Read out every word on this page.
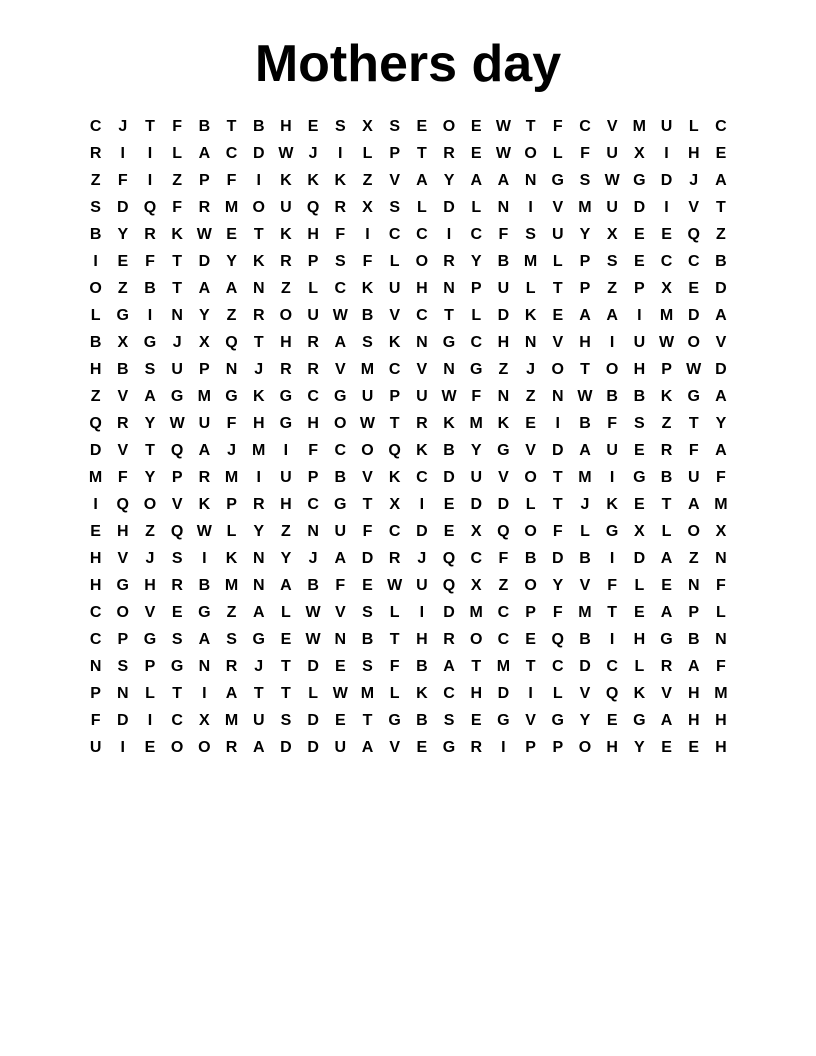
Mothers day
C	J	T	F	B	T	B H	E	S	X	S	E O E W T	F	C	V M U	L	C
R	I	I	L	A C D W J	I	L	P	T	R	E W O	L	F	U	X	I	H	E
Z	F	I	Z	P	F	I	K K K	Z	V	A	Y	A A N G S W G D	J	A
S	D Q	F	R M O U Q R	X	S	L	D	L	N	I	V M U D	I	V	T
B	Y	R K W E	T	K H	F	I	C C	I	C	F	S	U	Y	X	E	E Q	Z
I	E	F	T	D	Y	K R	P	S	F	L	O R	Y	B M L	P	S	E	C C B
O	Z	B	T	A A N	Z	L	C K U H N	P	U	L	T	P	Z	P	X	E	D
L	G	I	N	Y	Z	R O U W B	V	C	T	L	D K	E	A A	I	M D A
B	X G	J	X Q	T	H R A	S	K N G C H N	V	H	I	U W O V
H B	S	U	P	N	J	R R	V M C	V	N G	Z	J	O	T	O H	P W D
Z	V	A G M G K G C G U	P	U W F	N	Z	N W B B K G A
Q R	Y W U	F	H G H O W T	R K M K	E	I	B	F	S	Z	T	Y
D	V	T	Q A	J	M	I	F	C O Q K B	Y G V	D A U	E	R	F	A
M F	Y	P	R M	I	U	P	B	V	K C D U	V O	T M	I	G B U	F
I	Q O V	K	P	R H C G	T	X	I	E	D D	L	T	J	K	E	T	A M
E	H	Z	Q W L	Y	Z	N U	F	C D	E	X Q O	F	L	G X	L	O X
H	V	J	S	I	K N	Y	J	A D R	J	Q C	F	B D B	I	D A	Z	N
H G H R B M N A B	F	E W U Q X	Z	O Y	V	F	L	E	N	F
C O V	E G	Z	A	L W V	S	L	I	D M C	P	F M T	E	A	P	L
C	P G S	A	S G E W N B	T	H R O C	E Q B	I	H G B N
N	S	P G N R	J	T	D	E	S	F	B A	T M T	C D C	L	R A	F
P	N	L	T	I	A	T	T	L W M L	K C H D	I	L	V Q K	V	H M
F	D	I	C	X M U	S	D	E	T	G B	S	E G V G Y	E G A H H
U	I	E O O R A D D U A	V	E G R	I	P	P O H	Y	E	E	H
